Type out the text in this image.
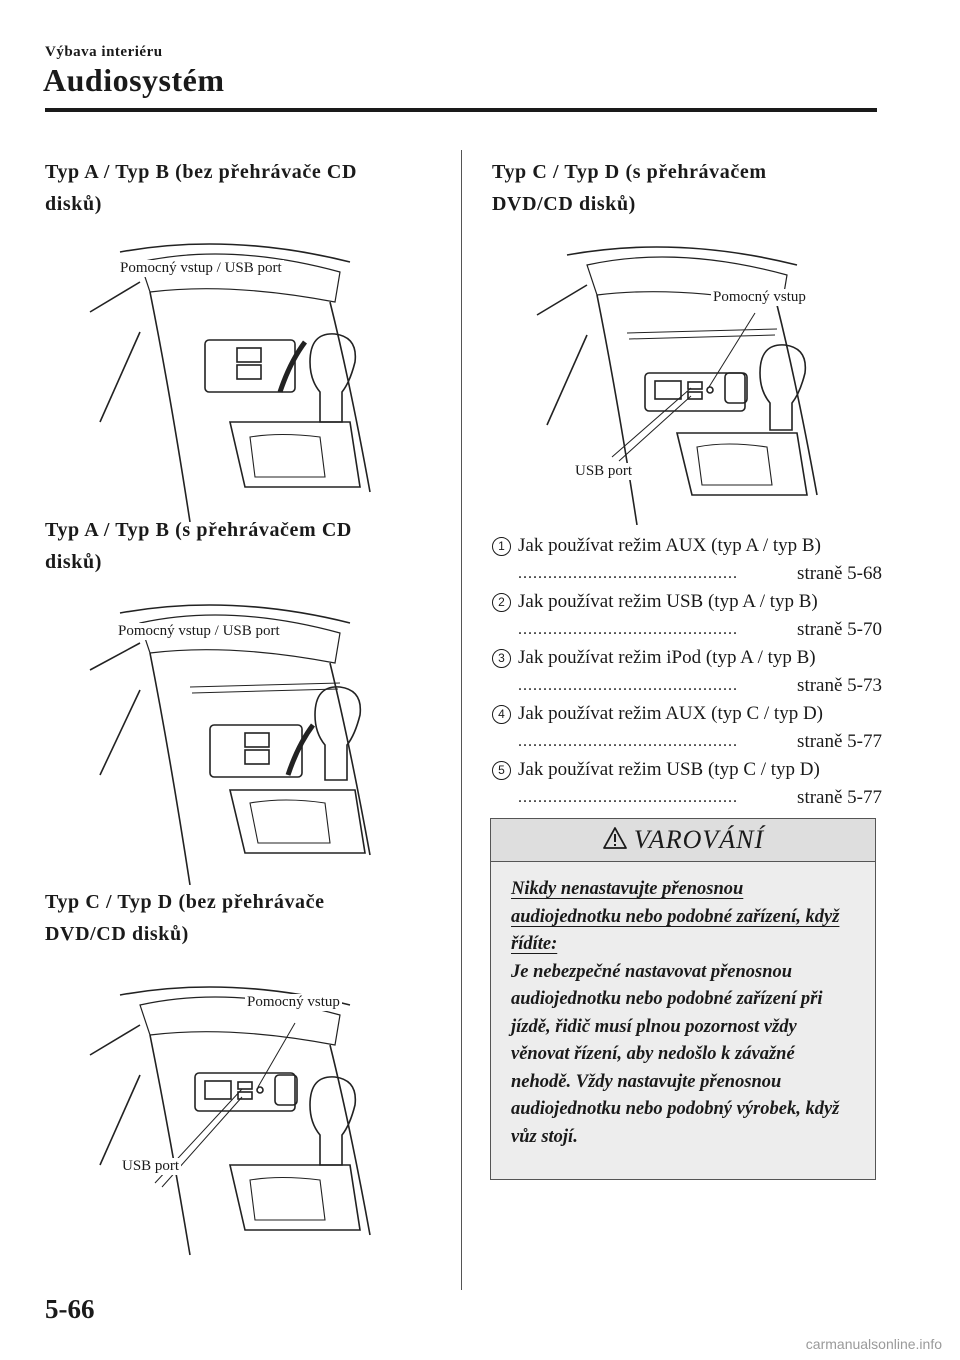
Výbava interiéru
Audiosystém
Typ A / Typ B (bez přehrávače CD disků)
Pomocný vstup / USB port
Typ A / Typ B (s přehrávačem CD disků)
Pomocný vstup / USB port
Typ C / Typ D (bez přehrávače DVD/CD disků)
Pomocný vstup
USB port
Typ C / Typ D (s přehrávačem DVD/CD disků)
Pomocný vstup
USB port
1 Jak používat režim AUX (typ A / typ B)
............................................	straně 5-68
2 Jak používat režim USB (typ A / typ B)
............................................	straně 5-70
3 Jak používat režim iPod (typ A / typ B)
............................................	straně 5-73
4 Jak používat režim AUX (typ C / typ D)
............................................	straně 5-77
5 Jak používat režim USB (typ C / typ D)
............................................	straně 5-77
VAROVÁNÍ
Nikdy nenastavujte přenosnou audiojednotku nebo podobné zařízení, když řídíte:
Je nebezpečné nastavovat přenosnou audiojednotku nebo podobné zařízení při jízdě, řidič musí plnou pozornost vždy věnovat řízení, aby nedošlo k závažné nehodě. Vždy nastavujte přenosnou audiojednotku nebo podobný výrobek, když vůz stojí.
5-66
carmanualsonline.info
